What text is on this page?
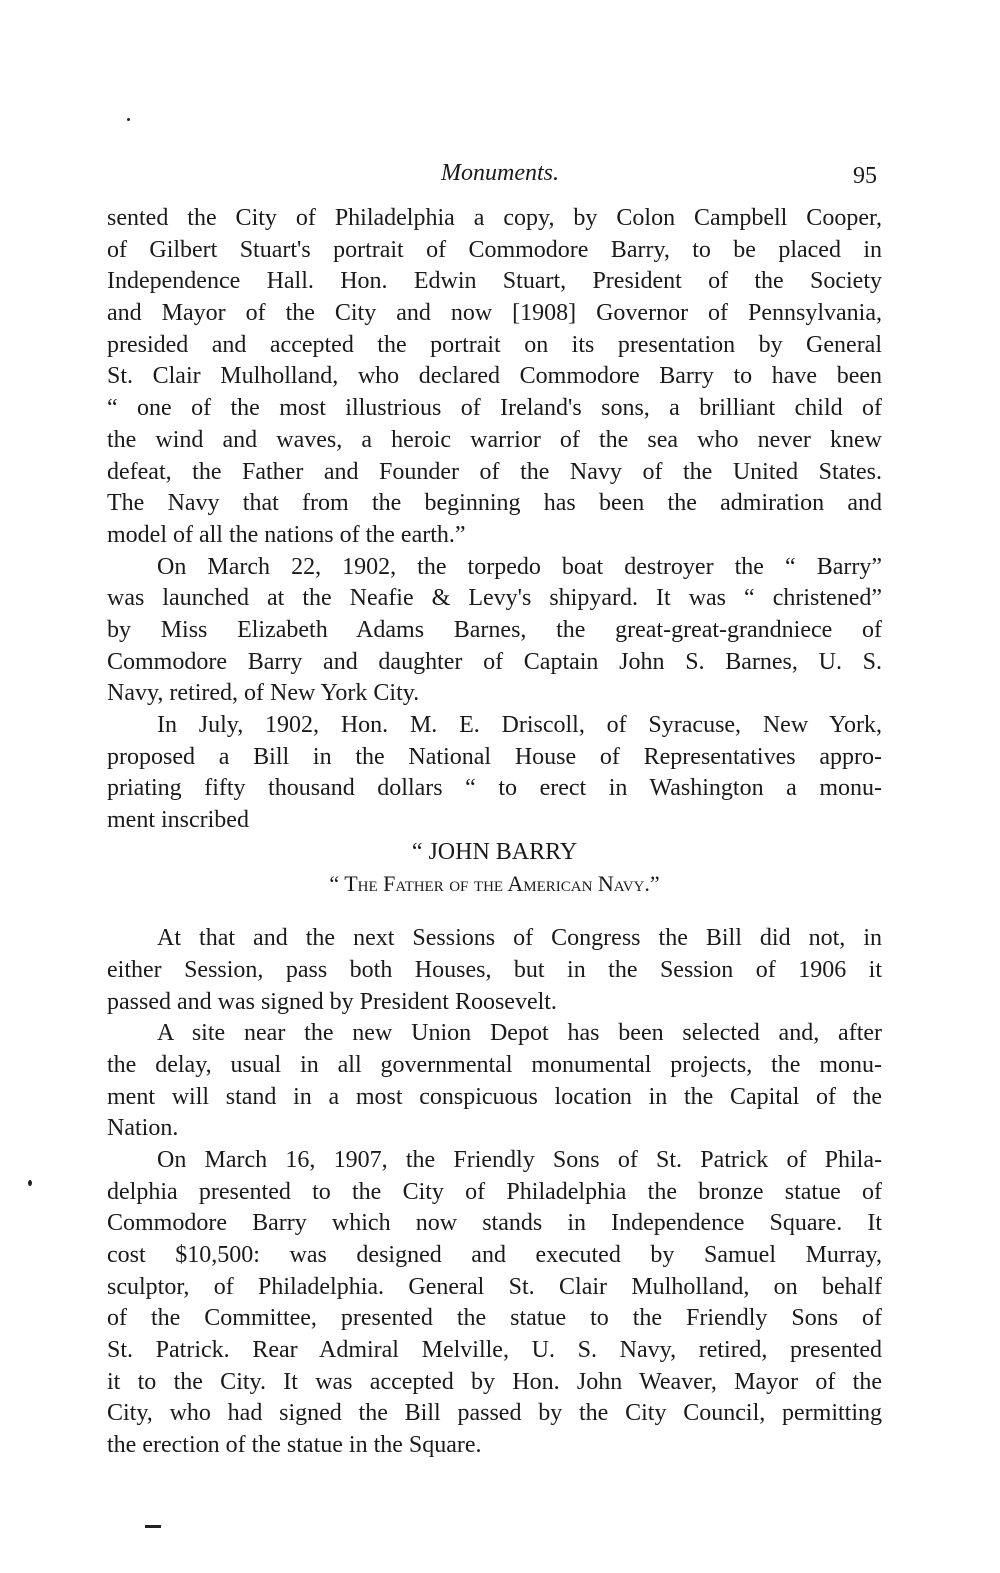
Monuments.	95
sented the City of Philadelphia a copy, by Colon Campbell Cooper,
of Gilbert Stuart's portrait of Commodore Barry, to be placed in
Independence Hall. Hon. Edwin Stuart, President of the Society
and Mayor of the City and now [1908] Governor of Pennsylvania,
presided and accepted the portrait on its presentation by General
St. Clair Mulholland, who declared Commodore Barry to have been
“ one of the most illustrious of Ireland's sons, a brilliant child of
the wind and waves, a heroic warrior of the sea who never knew
defeat, the Father and Founder of the Navy of the United States.
The Navy that from the beginning has been the admiration and
model of all the nations of the earth.”
On March 22, 1902, the torpedo boat destroyer the “ Barry”
was launched at the Neafie & Levy's shipyard. It was “ christened”
by Miss Elizabeth Adams Barnes, the great-great-grandniece of
Commodore Barry and daughter of Captain John S. Barnes, U. S.
Navy, retired, of New York City.
In July, 1902, Hon. M. E. Driscoll, of Syracuse, New York,
proposed a Bill in the National House of Representatives appro-
priating fifty thousand dollars “ to erect in Washington a monu-
ment inscribed
“ JOHN BARRY
“ The Father of the American Navy.”
At that and the next Sessions of Congress the Bill did not, in
either Session, pass both Houses, but in the Session of 1906 it
passed and was signed by President Roosevelt.
A site near the new Union Depot has been selected and, after
the delay, usual in all governmental monumental projects, the monu-
ment will stand in a most conspicuous location in the Capital of the
Nation.
On March 16, 1907, the Friendly Sons of St. Patrick of Phila-
delphia presented to the City of Philadelphia the bronze statue of
Commodore Barry which now stands in Independence Square. It
cost $10,500: was designed and executed by Samuel Murray,
sculptor, of Philadelphia. General St. Clair Mulholland, on behalf
of the Committee, presented the statue to the Friendly Sons of
St. Patrick. Rear Admiral Melville, U. S. Navy, retired, presented
it to the City. It was accepted by Hon. John Weaver, Mayor of the
City, who had signed the Bill passed by the City Council, permitting
the erection of the statue in the Square.
